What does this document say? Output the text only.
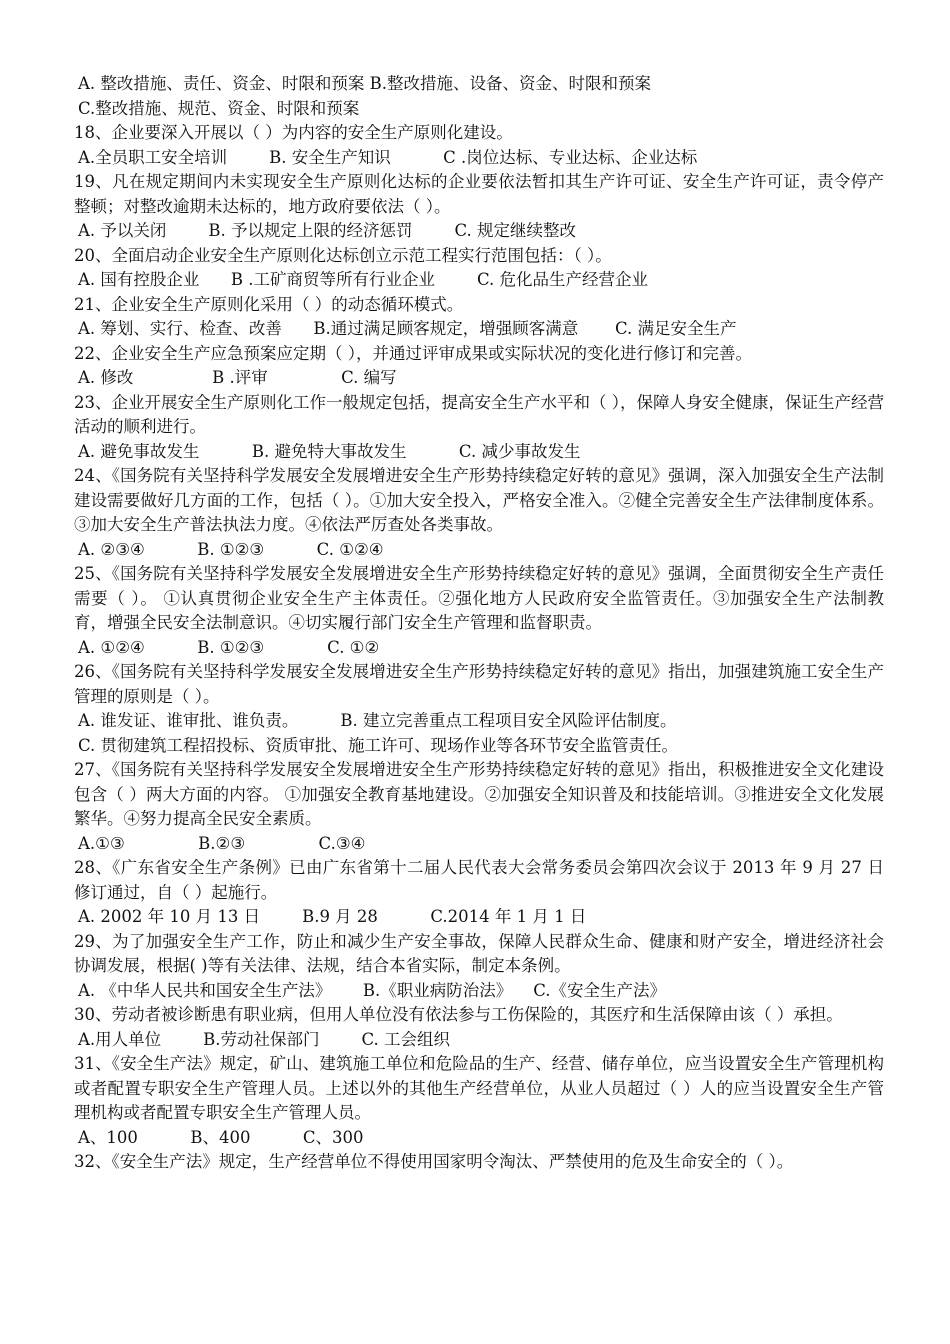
A. 整改措施、责任、资金、时限和预案 B.整改措施、设备、资金、时限和预案

C.整改措施、规范、资金、时限和预案

18、企业要深入开展以（ ）为内容的安全生产原则化建设。

A.全员职工安全培训        B. 安全生产知识          C .岗位达标、专业达标、企业达标

19、凡在规定期间内未实现安全生产原则化达标的企业要依法暂扣其生产许可证、安全生产许可证，责令停产整顿；对整改逾期未达标的，地方政府要依法（ ）。

A. 予以关闭        B. 予以规定上限的经济惩罚        C. 规定继续整改

20、全面启动企业安全生产原则化达标创立示范工程实行范围包括：（ ）。

A. 国有控股企业      B .工矿商贸等所有行业企业        C. 危化品生产经营企业

21、企业安全生产原则化采用（ ）的动态循环模式。

A. 筹划、实行、检查、改善      B.通过满足顾客规定，增强顾客满意       C. 满足安全生产

22、企业安全生产应急预案应定期（ ），并通过评审成果或实际状况的变化进行修订和完善。

A. 修改               B .评审              C. 编写

23、企业开展安全生产原则化工作一般规定包括，提高安全生产水平和（ ），保障人身安全健康，保证生产经营活动的顺利进行。

A. 避免事故发生          B. 避免特大事故发生          C. 减少事故发生

24、《国务院有关坚持科学发展安全发展增进安全生产形势持续稳定好转的意见》强调，深入加强安全生产法制建设需要做好几方面的工作，包括（ ）。①加大安全投入，严格安全准入。②健全完善安全生产法律制度体系。③加大安全生产普法执法力度。④依法严厉查处各类事故。

A. ②③④          B. ①②③          C. ①②④

25、《国务院有关坚持科学发展安全发展增进安全生产形势持续稳定好转的意见》强调，全面贯彻安全生产责任需要（ ）。 ①认真贯彻企业安全生产主体责任。②强化地方人民政府安全监管责任。③加强安全生产法制教育，增强全民安全法制意识。④切实履行部门安全生产管理和监督职责。

A. ①②④          B. ①②③            C. ①②

26、《国务院有关坚持科学发展安全发展增进安全生产形势持续稳定好转的意见》指出，加强建筑施工安全生产管理的原则是（ ）。

A. 谁发证、谁审批、谁负责。        B. 建立完善重点工程项目安全风险评估制度。

C. 贯彻建筑工程招投标、资质审批、施工许可、现场作业等各环节安全监管责任。

27、《国务院有关坚持科学发展安全发展增进安全生产形势持续稳定好转的意见》指出，积极推进安全文化建设包含（ ）两大方面的内容。 ①加强安全教育基地建设。②加强安全知识普及和技能培训。③推进安全文化发展繁华。④努力提高全民安全素质。

A.①③              B.②③              C.③④

28、《广东省安全生产条例》已由广东省第十二届人民代表大会常务委员会第四次会议于 2013 年 9 月 27 日修订通过，自（ ）起施行。

A. 2002 年 10 月 13 日        B.9 月 28          C.2014 年 1 月 1 日

29、为了加强安全生产工作，防止和减少生产安全事故，保障人民群众生命、健康和财产安全，增进经济社会协调发展，根据( )等有关法律、法规，结合本省实际，制定本条例。

A. 《中华人民共和国安全生产法》      B.《职业病防治法》    C.《安全生产法》

30、劳动者被诊断患有职业病，但用人单位没有依法参与工伤保险的，其医疗和生活保障由该（ ）承担。

A.用人单位        B.劳动社保部门        C. 工会组织

31、《安全生产法》规定，矿山、建筑施工单位和危险品的生产、经营、储存单位，应当设置安全生产管理机构或者配置专职安全生产管理人员。上述以外的其他生产经营单位，从业人员超过（ ）人的应当设置安全生产管理机构或者配置专职安全生产管理人员。

A、100          B、400          C、300

32、《安全生产法》规定，生产经营单位不得使用国家明令淘汰、严禁使用的危及生命安全的（ ）。
